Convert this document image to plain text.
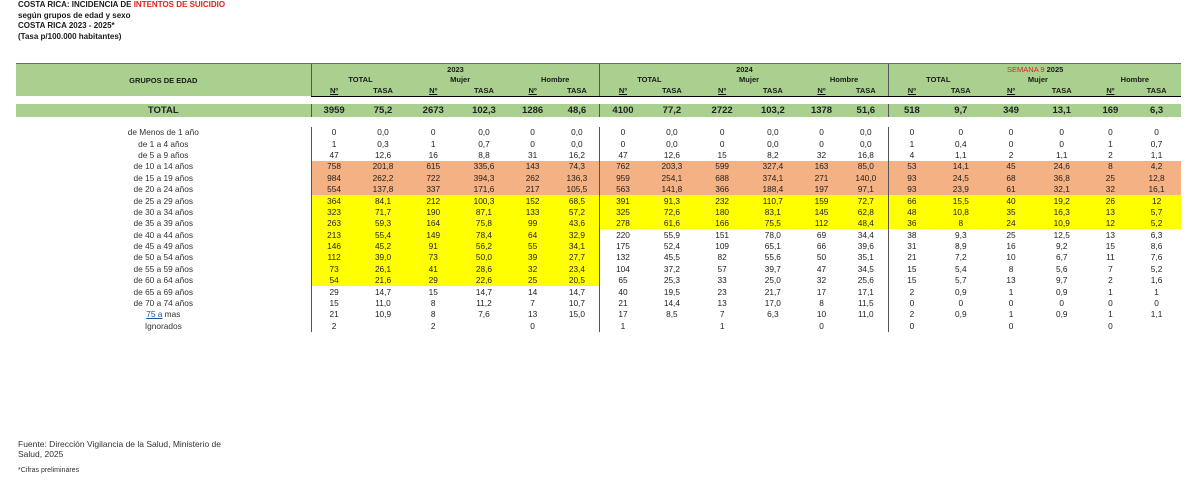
COSTA RICA: INCIDENCIA DE INTENTOS DE SUICIDIO
según grupos de edad y sexo
COSTA RICA 2023 - 2025*
(Tasa p/100.000 habitantes)
GRUPOS DE EDAD	2023						2024						SEMANA 9 2025					
	TOTAL		Mujer		Hombre		TOTAL		Mujer		Hombre		TOTAL		Mujer		Hombre	
	Nº	TASA	Nº	TASA	Nº	TASA	Nº	TASA	Nº	TASA	Nº	TASA	Nº	TASA	Nº	TASA	Nº	TASA

TOTAL	3959	75,2	2673	102,3	1286	48,6	4100	77,2	2722	103,2	1378	51,6	518	9,7	349	13,1	169	6,3

de Menos de 1 año	0	0,0	0	0,0	0	0,0	0	0,0	0	0,0	0	0,0	0	0	0	0	0	0
de 1 a 4 años	1	0,3	1	0,7	0	0,0	0	0,0	0	0,0	0	0,0	1	0,4	0	0	1	0,7
de 5 a 9 años	47	12,6	16	8,8	31	16,2	47	12,6	15	8,2	32	16,8	4	1,1	2	1,1	2	1,1
de 10 a 14 años	758	201,8	615	335,6	143	74,3	762	203,3	599	327,4	163	85,0	53	14,1	45	24,6	8	4,2
de 15 a 19 años	984	262,2	722	394,3	262	136,3	959	254,1	688	374,1	271	140,0	93	24,5	68	36,8	25	12,8
de 20 a 24 años	554	137,8	337	171,6	217	105,5	563	141,8	366	188,4	197	97,1	93	23,9	61	32,1	32	16,1
de 25 a 29 años	364	84,1	212	100,3	152	68,5	391	91,3	232	110,7	159	72,7	66	15,5	40	19,2	26	12
de 30 a 34 años	323	71,7	190	87,1	133	57,2	325	72,6	180	83,1	145	62,8	48	10,8	35	16,3	13	5,7
de 35 a 39 años	263	59,3	164	75,8	99	43,6	278	61,6	166	75,5	112	48,4	36	8	24	10,9	12	5,2
de 40 a 44 años	213	55,4	149	78,4	64	32,9	220	55,9	151	78,0	69	34,4	38	9,3	25	12,5	13	6,3
de 45 a 49 años	146	45,2	91	56,2	55	34,1	175	52,4	109	65,1	66	39,6	31	8,9	16	9,2	15	8,6
de 50 a 54 años	112	39,0	73	50,0	39	27,7	132	45,5	82	55,6	50	35,1	21	7,2	10	6,7	11	7,6
de 55 a 59 años	73	26,1	41	28,6	32	23,4	104	37,2	57	39,7	47	34,5	15	5,4	8	5,6	7	5,2
de 60 a 64 años	54	21,6	29	22,6	25	20,5	65	25,3	33	25,0	32	25,6	15	5,7	13	9,7	2	1,6
de 65 a 69 años	29	14,7	15	14,7	14	14,7	40	19,5	23	21,7	17	17,1	2	0,9	1	0,9	1	1
de 70 a 74 años	15	11,0	8	11,2	7	10,7	21	14,4	13	17,0	8	11,5	0	0	0	0	0	0
75 a mas	21	10,9	8	7,6	13	15,0	17	8,5	7	6,3	10	11,0	2	0,9	1	0,9	1	1,1
Ignorados	2		2		0		1		1		0		0		0		0	
Fuente: Dirección Vigilancia de la Salud, Ministerio de
Salud, 2025
*Cifras preliminares
